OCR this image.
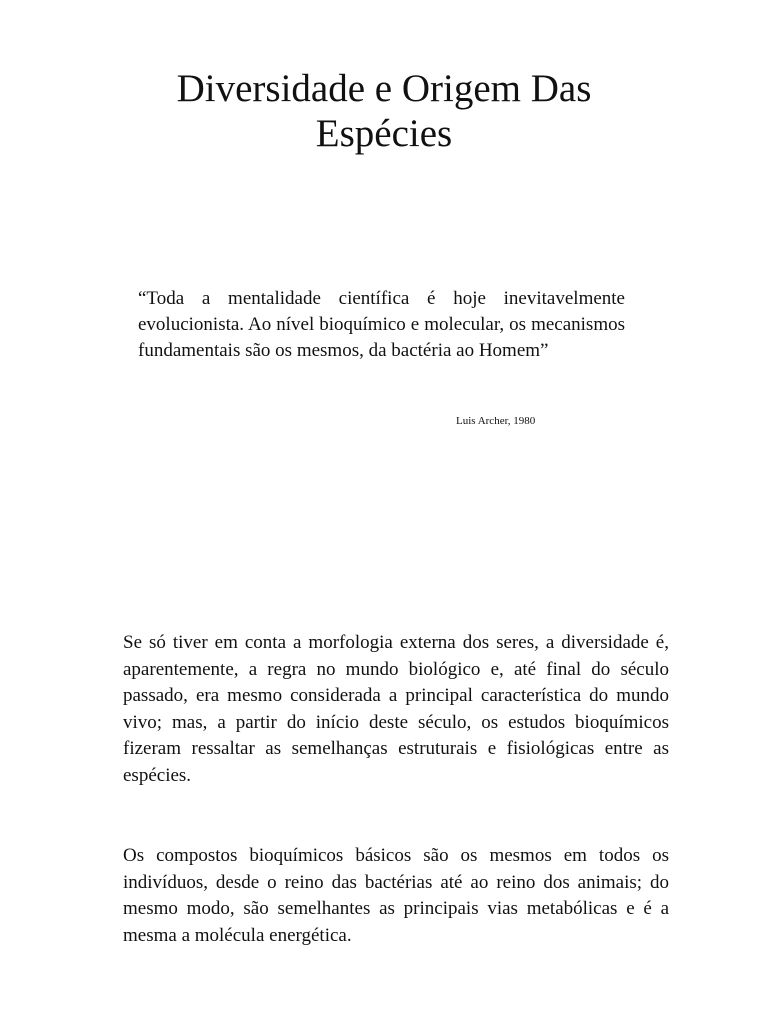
Diversidade e Origem Das
Espécies

“Toda a mentalidade científica é hoje inevitavelmente evolucionista. Ao nível bioquímico e molecular, os mecanismos fundamentais são os mesmos, da bactéria ao Homem”

Luis Archer, 1980

Se só tiver em conta a morfologia externa dos seres, a diversidade é, aparentemente, a regra no mundo biológico e, até final do século passado, era mesmo considerada a principal característica do mundo vivo; mas, a partir do início deste século, os estudos bioquímicos fizeram ressaltar as semelhanças estruturais e fisiológicas entre as espécies.

Os compostos bioquímicos básicos são os mesmos em todos os indivíduos, desde o reino das bactérias até ao reino dos animais; do mesmo modo, são semelhantes as principais vias metabólicas e é a mesma a molécula energética.
